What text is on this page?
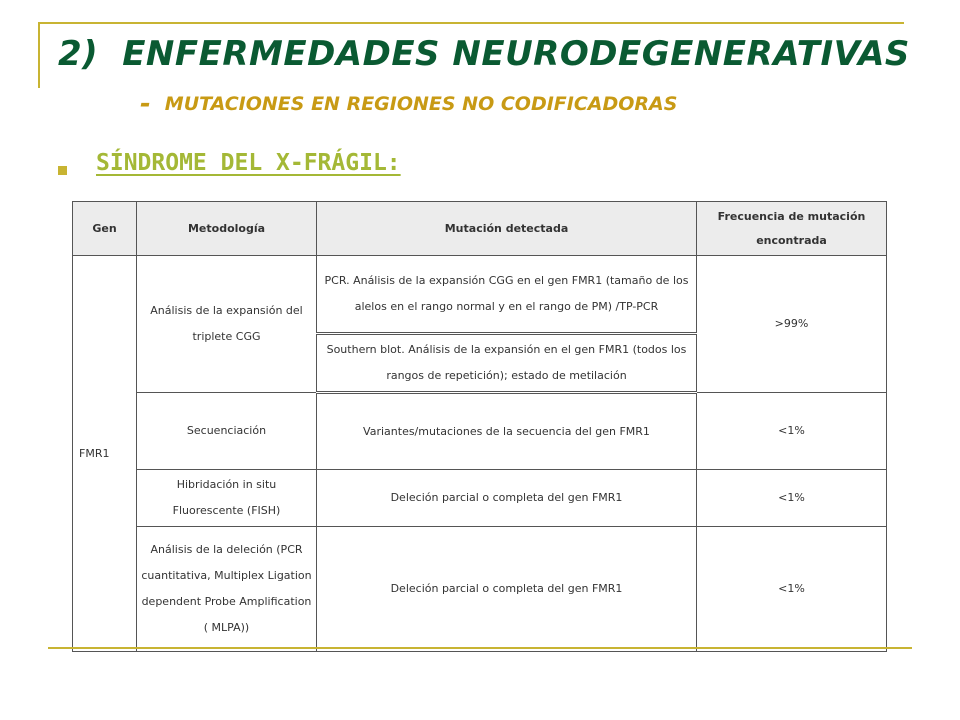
2) ENFERMEDADES NEURODEGENERATIVAS
- MUTACIONES EN REGIONES NO CODIFICADORAS
SÍNDROME DEL X-FRÁGIL:
Gen	Metodología	Mutación detectada	Frecuencia de mutación encontrada
FMR1	Análisis de la expansión del triplete CGG	PCR. Análisis de la expansión CGG en el gen FMR1 (tamaño de los alelos en el rango normal y en el rango de PM) /TP-PCR	>99%
		Southern blot. Análisis de la expansión en el gen FMR1 (todos los rangos de repetición); estado de metilación	
	Secuenciación	Variantes/mutaciones de la secuencia del gen FMR1	<1%
	Hibridación in situ Fluorescente (FISH)	Deleción parcial o completa del gen FMR1	<1%
	Análisis de la deleción (PCR cuantitativa, Multiplex Ligation dependent Probe Amplification ( MLPA))	Deleción parcial o completa del gen FMR1	<1%
